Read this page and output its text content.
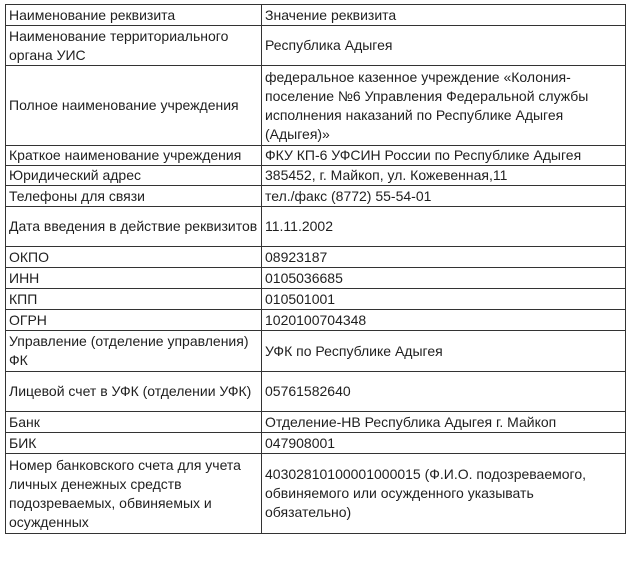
Наименование реквизита	Значение реквизита
Наименование территориального органа УИС	Республика Адыгея
Полное наименование учреждения	федеральное казенное учреждение «Колония-поселение №6 Управления Федеральной службы исполнения наказаний по Республике Адыгея (Адыгея)»
Краткое наименование учреждения	ФКУ КП-6 УФСИН России по Республике Адыгея
Юридический адрес	385452, г. Майкоп, ул. Кожевенная,11
Телефоны для связи	тел./факс (8772) 55-54-01
Дата введения в действие реквизитов	11.11.2002
ОКПО	08923187
ИНН	0105036685
КПП	010501001
ОГРН	1020100704348
Управление (отделение управления) ФК	УФК по Республике Адыгея
Лицевой счет в УФК (отделении УФК)	05761582640
Банк	Отделение-НВ Республика Адыгея г. Майкоп
БИК	047908001
Номер банковского счета для учета личных денежных средств подозреваемых, обвиняемых и осужденных	40302810100001000015 (Ф.И.О. подозреваемого, обвиняемого или осужденного указывать обязательно)
